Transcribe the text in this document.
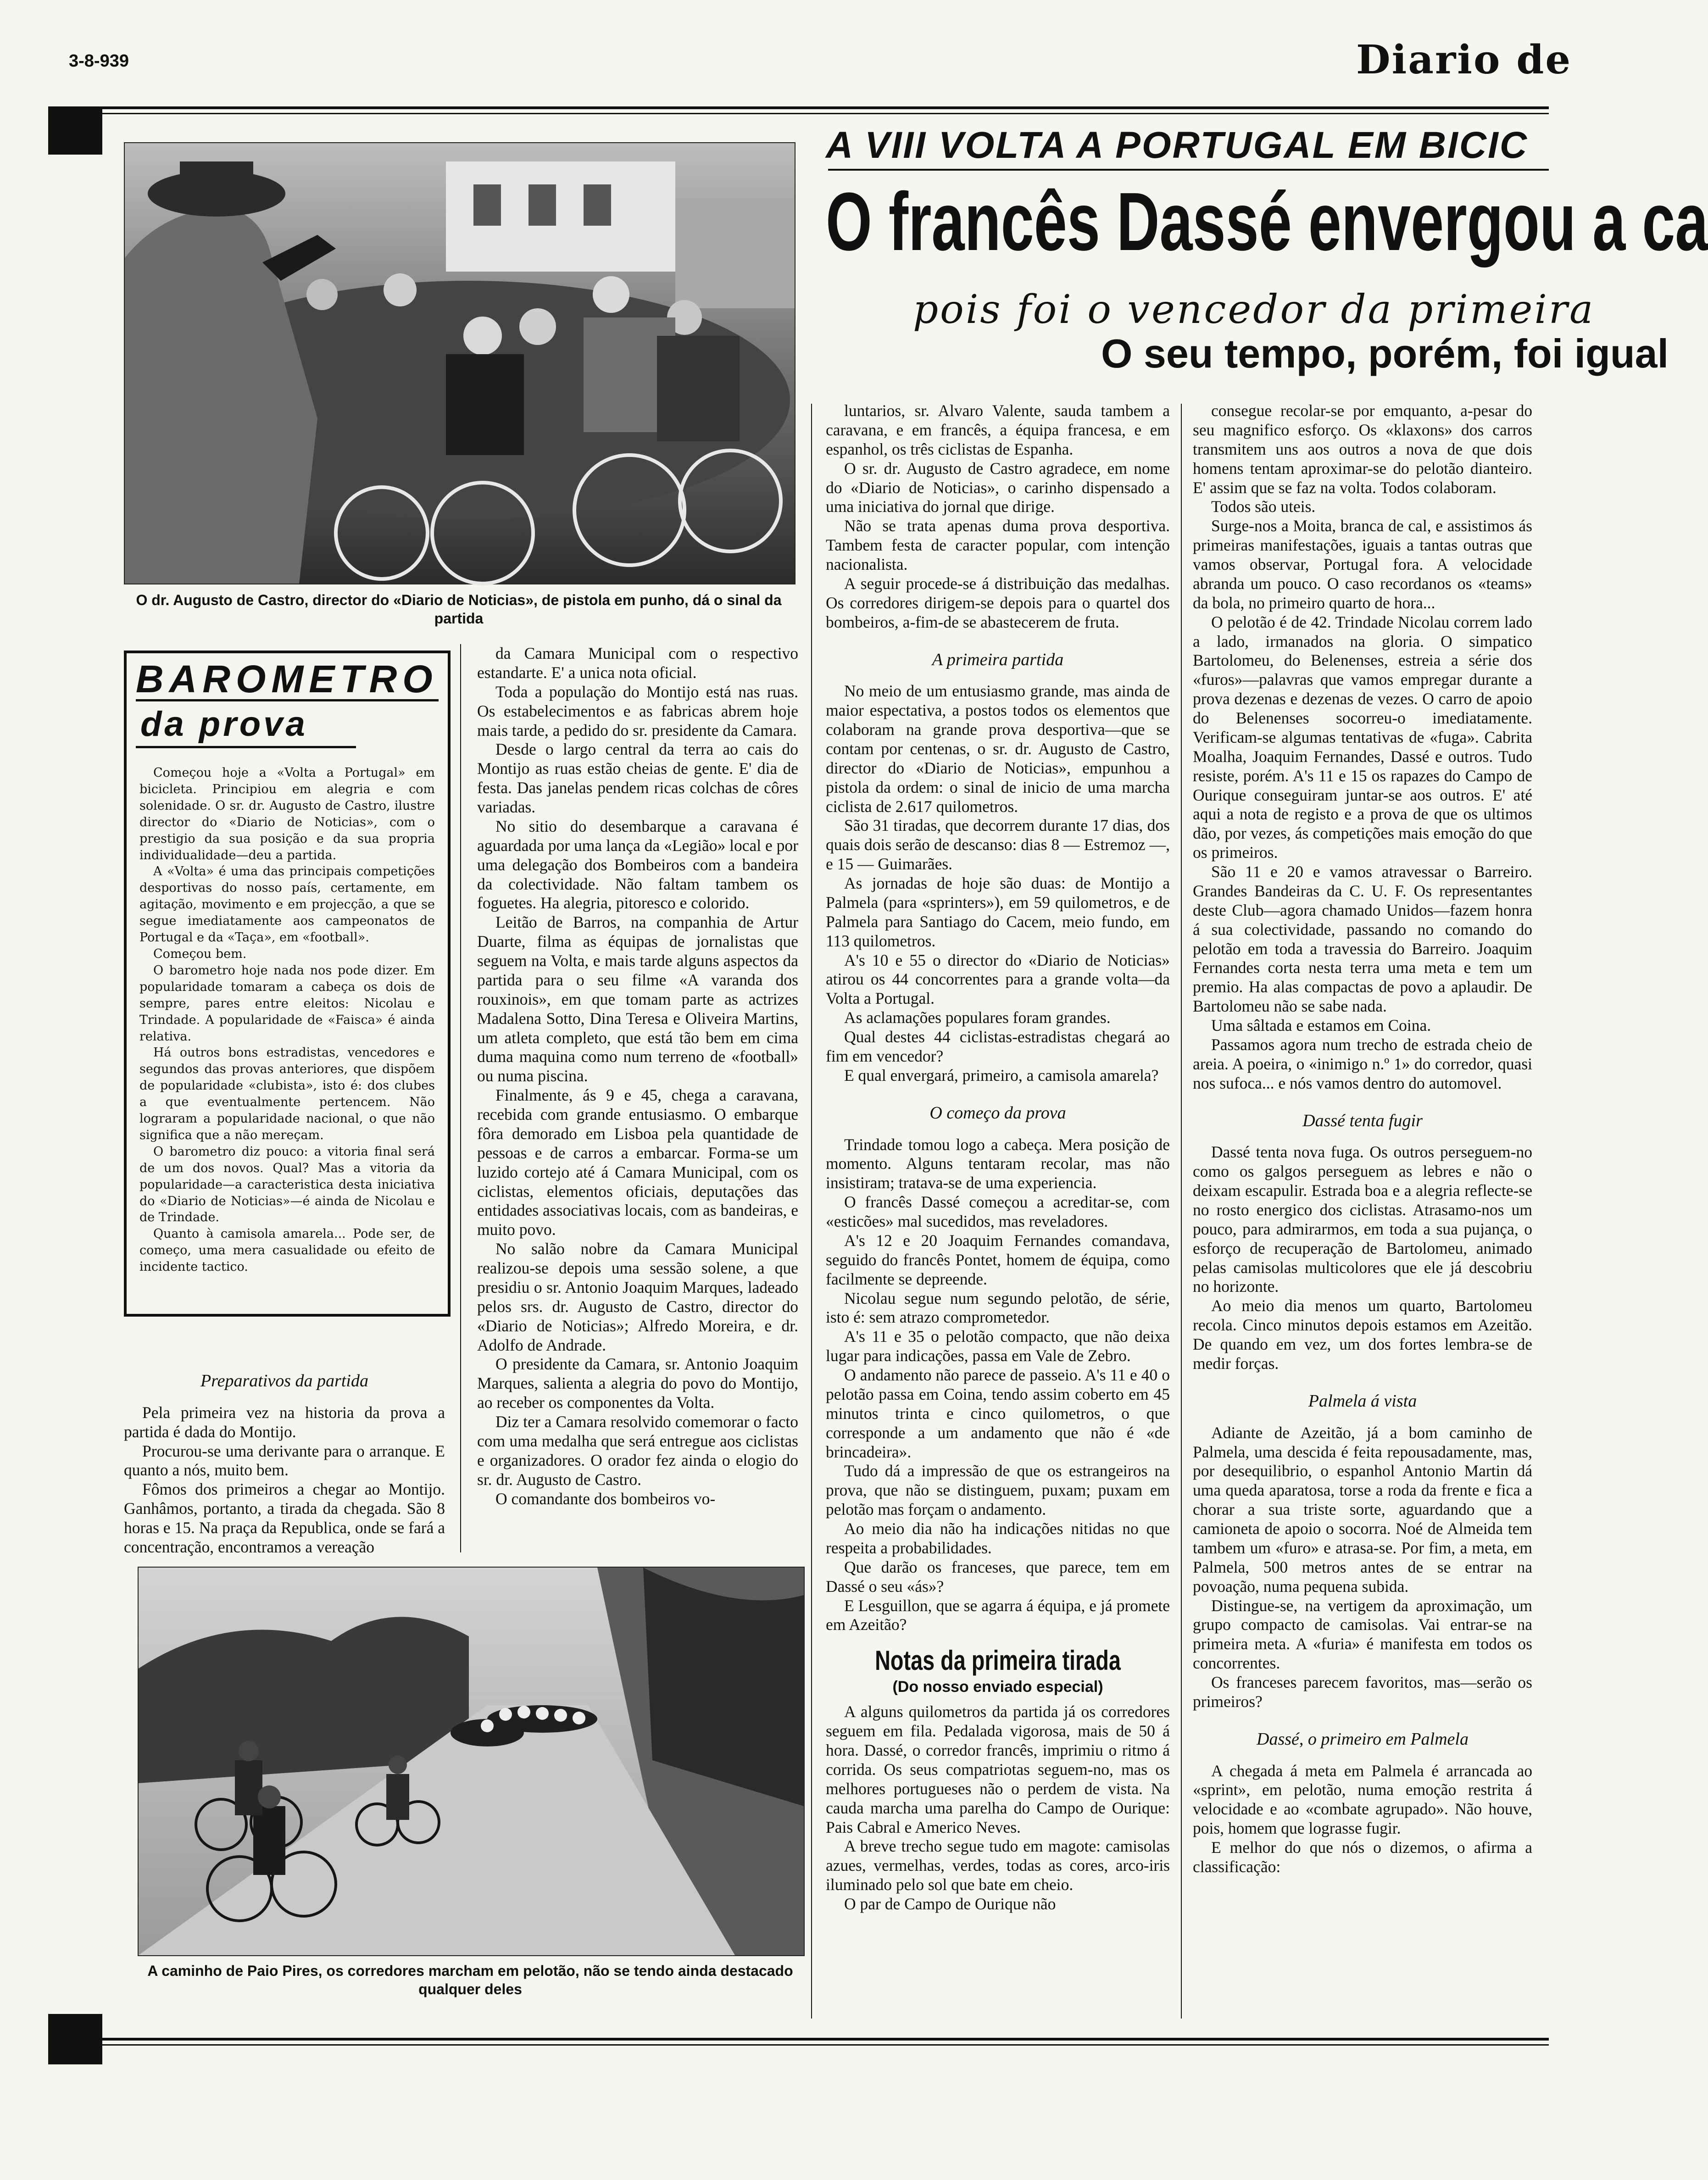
3-8-939	Diario de
A VIII VOLTA A PORTUGAL EM BICIC
O francês Dassé envergou a ca
pois foi o vencedor da primeira
O seu tempo, porém, foi igual
O dr. Augusto de Castro, director do «Diario de Noticias», de pistola em punho, dá o sinal da partida
BAROMETRO
da prova

Começou hoje a «Volta a Portugal» em bicicleta. Principiou em alegria e com solenidade. O sr. dr. Augusto de Castro, ilustre director do «Diario de Noticias», com o prestigio da sua posição e da sua propria individualidade—deu a partida.

A «Volta» é uma das principais competições desportivas do nosso país, certamente, em agitação, movimento e em projecção, a que se segue imediatamente aos campeonatos de Portugal e da «Taça», em «football».

Começou bem.

O barometro hoje nada nos pode dizer. Em popularidade tomaram a cabeça os dois de sempre, pares entre eleitos: Nicolau e Trindade. A popularidade de «Faisca» é ainda relativa.

Há outros bons estradistas, vencedores e segundos das provas anteriores, que dispõem de popularidade «clubista», isto é: dos clubes a que eventualmente pertencem. Não lograram a popularidade nacional, o que não significa que a não mereçam.

O barometro diz pouco: a vitoria final será de um dos novos. Qual? Mas a vitoria da popularidade—a caracteristica desta iniciativa do «Diario de Noticias»—é ainda de Nicolau e de Trindade.

Quanto à camisola amarela... Pode ser, de começo, uma mera casualidade ou efeito de incidente tactico.

Preparativos da partida

Pela primeira vez na historia da prova a partida é dada do Montijo.

Procurou-se uma derivante para o arranque. E quanto a nós, muito bem.

Fômos dos primeiros a chegar ao Montijo. Ganhâmos, portanto, a tirada da chegada. São 8 horas e 15. Na praça da Republica, onde se fará a concentração, encontramos a vereação

da Camara Municipal com o respectivo estandarte. E' a unica nota oficial.

Toda a população do Montijo está nas ruas. Os estabelecimentos e as fabricas abrem hoje mais tarde, a pedido do sr. presidente da Camara.

Desde o largo central da terra ao cais do Montijo as ruas estão cheias de gente. E' dia de festa. Das janelas pendem ricas colchas de côres variadas.

No sitio do desembarque a caravana é aguardada por uma lança da «Legião» local e por uma delegação dos Bombeiros com a bandeira da colectividade. Não faltam tambem os foguetes. Ha alegria, pitoresco e colorido.

Leitão de Barros, na companhia de Artur Duarte, filma as équipas de jornalistas que seguem na Volta, e mais tarde alguns aspectos da partida para o seu filme «A varanda dos rouxinois», em que tomam parte as actrizes Madalena Sotto, Dina Teresa e Oliveira Martins, um atleta completo, que está tão bem em cima duma maquina como num terreno de «football» ou numa piscina.

Finalmente, ás 9 e 45, chega a caravana, recebida com grande entusiasmo. O embarque fôra demorado em Lisboa pela quantidade de pessoas e de carros a embarcar. Forma-se um luzido cortejo até á Camara Municipal, com os ciclistas, elementos oficiais, deputações das entidades associativas locais, com as bandeiras, e muito povo.

No salão nobre da Camara Municipal realizou-se depois uma sessão solene, a que presidiu o sr. Antonio Joaquim Marques, ladeado pelos srs. dr. Augusto de Castro, director do «Diario de Noticias»; Alfredo Moreira, e dr. Adolfo de Andrade.

O presidente da Camara, sr. Antonio Joaquim Marques, salienta a alegria do povo do Montijo, ao receber os componentes da Volta.

Diz ter a Camara resolvido comemorar o facto com uma medalha que será entregue aos ciclistas e organizadores. O orador fez ainda o elogio do sr. dr. Augusto de Castro.

O comandante dos bombeiros vo-

A caminho de Paio Pires, os corredores marcham em pelotão, não se tendo ainda destacado qualquer deles

luntarios, sr. Alvaro Valente, sauda tambem a caravana, e em francês, a équipa francesa, e em espanhol, os três ciclistas de Espanha.

O sr. dr. Augusto de Castro agradece, em nome do «Diario de Noticias», o carinho dispensado a uma iniciativa do jornal que dirige.

Não se trata apenas duma prova desportiva. Tambem festa de caracter popular, com intenção nacionalista.

A seguir procede-se á distribuição das medalhas. Os corredores dirigem-se depois para o quartel dos bombeiros, a-fim-de se abastecerem de fruta.

A primeira partida

No meio de um entusiasmo grande, mas ainda de maior espectativa, a postos todos os elementos que colaboram na grande prova desportiva—que se contam por centenas, o sr. dr. Augusto de Castro, director do «Diario de Noticias», empunhou a pistola da ordem: o sinal de inicio de uma marcha ciclista de 2.617 quilometros.

São 31 tiradas, que decorrem durante 17 dias, dos quais dois serão de descanso: dias 8 — Estremoz —, e 15 — Guimarães.

As jornadas de hoje são duas: de Montijo a Palmela (para «sprinters»), em 59 quilometros, e de Palmela para Santiago do Cacem, meio fundo, em 113 quilometros.

A's 10 e 55 o director do «Diario de Noticias» atirou os 44 concorrentes para a grande volta—da Volta a Portugal.

As aclamações populares foram grandes.

Qual destes 44 ciclistas-estradistas chegará ao fim em vencedor?

E qual envergará, primeiro, a camisola amarela?

O começo da prova

Trindade tomou logo a cabeça. Mera posição de momento. Alguns tentaram recolar, mas não insistiram; tratava-se de uma experiencia.

O francês Dassé começou a acreditar-se, com «esticões» mal sucedidos, mas reveladores.

A's 12 e 20 Joaquim Fernandes comandava, seguido do francês Pontet, homem de équipa, como facilmente se depreende.

Nicolau segue num segundo pelotão, de série, isto é: sem atrazo comprometedor.

A's 11 e 35 o pelotão compacto, que não deixa lugar para indicações, passa em Vale de Zebro.

O andamento não parece de passeio. A's 11 e 40 o pelotão passa em Coina, tendo assim coberto em 45 minutos trinta e cinco quilometros, o que corresponde a um andamento que não é «de brincadeira».

Tudo dá a impressão de que os estrangeiros na prova, que não se distinguem, puxam; puxam em pelotão mas forçam o andamento.

Ao meio dia não ha indicações nitidas no que respeita a probabilidades.

Que darão os franceses, que parece, tem em Dassé o seu «ás»?

E Lesguillon, que se agarra á équipa, e já promete em Azeitão?

Notas da primeira tirada
(Do nosso enviado especial)

A alguns quilometros da partida já os corredores seguem em fila. Pedalada vigorosa, mais de 50 á hora. Dassé, o corredor francês, imprimiu o ritmo á corrida. Os seus compatriotas seguem-no, mas os melhores portugueses não o perdem de vista. Na cauda marcha uma parelha do Campo de Ourique: Pais Cabral e Americo Neves.

A breve trecho segue tudo em magote: camisolas azues, vermelhas, verdes, todas as cores, arco-iris iluminado pelo sol que bate em cheio.

O par de Campo de Ourique não

consegue recolar-se por emquanto, a-pesar do seu magnifico esforço. Os «klaxons» dos carros transmitem uns aos outros a nova de que dois homens tentam aproximar-se do pelotão dianteiro. E' assim que se faz na volta. Todos colaboram.

Todos são uteis.

Surge-nos a Moita, branca de cal, e assistimos ás primeiras manifestações, iguais a tantas outras que vamos observar, Portugal fora. A velocidade abranda um pouco. O caso recordanos os «teams» da bola, no primeiro quarto de hora...

O pelotão é de 42. Trindade Nicolau correm lado a lado, irmanados na gloria. O simpatico Bartolomeu, do Belenenses, estreia a série dos «furos»—palavras que vamos empregar durante a prova dezenas e dezenas de vezes. O carro de apoio do Belenenses socorreu-o imediatamente. Verificam-se algumas tentativas de «fuga». Cabrita Moalha, Joaquim Fernandes, Dassé e outros. Tudo resiste, porém. A's 11 e 15 os rapazes do Campo de Ourique conseguiram juntar-se aos outros. E' até aqui a nota de registo e a prova de que os ultimos dão, por vezes, ás competições mais emoção do que os primeiros.

São 11 e 20 e vamos atravessar o Barreiro. Grandes Bandeiras da C. U. F. Os representantes deste Club—agora chamado Unidos—fazem honra á sua colectividade, passando no comando do pelotão em toda a travessia do Barreiro. Joaquim Fernandes corta nesta terra uma meta e tem um premio. Ha alas compactas de povo a aplaudir. De Bartolomeu não se sabe nada.

Uma sâltada e estamos em Coina.

Passamos agora num trecho de estrada cheio de areia. A poeira, o «inimigo n.º 1» do corredor, quasi nos sufoca... e nós vamos dentro do automovel.

Dassé tenta fugir

Dassé tenta nova fuga. Os outros perseguem-no como os galgos perseguem as lebres e não o deixam escapulir. Estrada boa e a alegria reflecte-se no rosto energico dos ciclistas. Atrasamo-nos um pouco, para admirarmos, em toda a sua pujança, o esforço de recuperação de Bartolomeu, animado pelas camisolas multicolores que ele já descobriu no horizonte.

Ao meio dia menos um quarto, Bartolomeu recola. Cinco minutos depois estamos em Azeitão. De quando em vez, um dos fortes lembra-se de medir forças.

Palmela á vista

Adiante de Azeitão, já a bom caminho de Palmela, uma descida é feita repousadamente, mas, por desequilibrio, o espanhol Antonio Martin dá uma queda aparatosa, torse a roda da frente e fica a chorar a sua triste sorte, aguardando que a camioneta de apoio o socorra. Noé de Almeida tem tambem um «furo» e atrasa-se. Por fim, a meta, em Palmela, 500 metros antes de se entrar na povoação, numa pequena subida.

Distingue-se, na vertigem da aproximação, um grupo compacto de camisolas. Vai entrar-se na primeira meta. A «furia» é manifesta em todos os concorrentes.

Os franceses parecem favoritos, mas—serão os primeiros?

Dassé, o primeiro em Palmela

A chegada á meta em Palmela é arrancada ao «sprint», em pelotão, numa emoção restrita á velocidade e ao «combate agrupado». Não houve, pois, homem que lograsse fugir.

E melhor do que nós o dizemos, o afirma a classificação:
